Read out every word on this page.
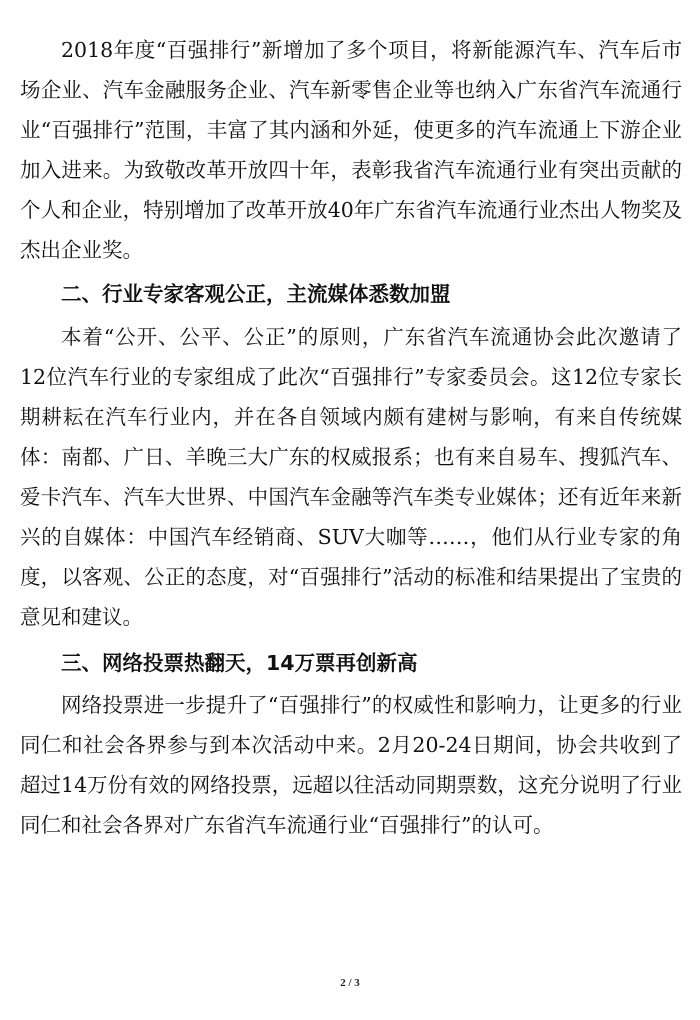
2018年度“百强排行”新增加了多个项目，将新能源汽车、汽车后市场企业、汽车金融服务企业、汽车新零售企业等也纳入广东省汽车流通行业“百强排行”范围，丰富了其内涵和外延，使更多的汽车流通上下游企业加入进来。为致敬改革开放四十年，表彰我省汽车流通行业有突出贡献的个人和企业，特别增加了改革开放40年广东省汽车流通行业杰出人物奖及杰出企业奖。

二、行业专家客观公正，主流媒体悉数加盟

本着“公开、公平、公正”的原则，广东省汽车流通协会此次邀请了12位汽车行业的专家组成了此次“百强排行”专家委员会。这12位专家长期耕耘在汽车行业内，并在各自领域内颇有建树与影响，有来自传统媒体：南都、广日、羊晚三大广东的权威报系；也有来自易车、搜狐汽车、爱卡汽车、汽车大世界、中国汽车金融等汽车类专业媒体；还有近年来新兴的自媒体：中国汽车经销商、SUV大咖等……，他们从行业专家的角度，以客观、公正的态度，对“百强排行”活动的标准和结果提出了宝贵的意见和建议。

三、网络投票热翻天，14万票再创新高

网络投票进一步提升了“百强排行”的权威性和影响力，让更多的行业同仁和社会各界参与到本次活动中来。2月20-24日期间，协会共收到了超过14万份有效的网络投票，远超以往活动同期票数，这充分说明了行业同仁和社会各界对广东省汽车流通行业“百强排行”的认可。

2 / 3
